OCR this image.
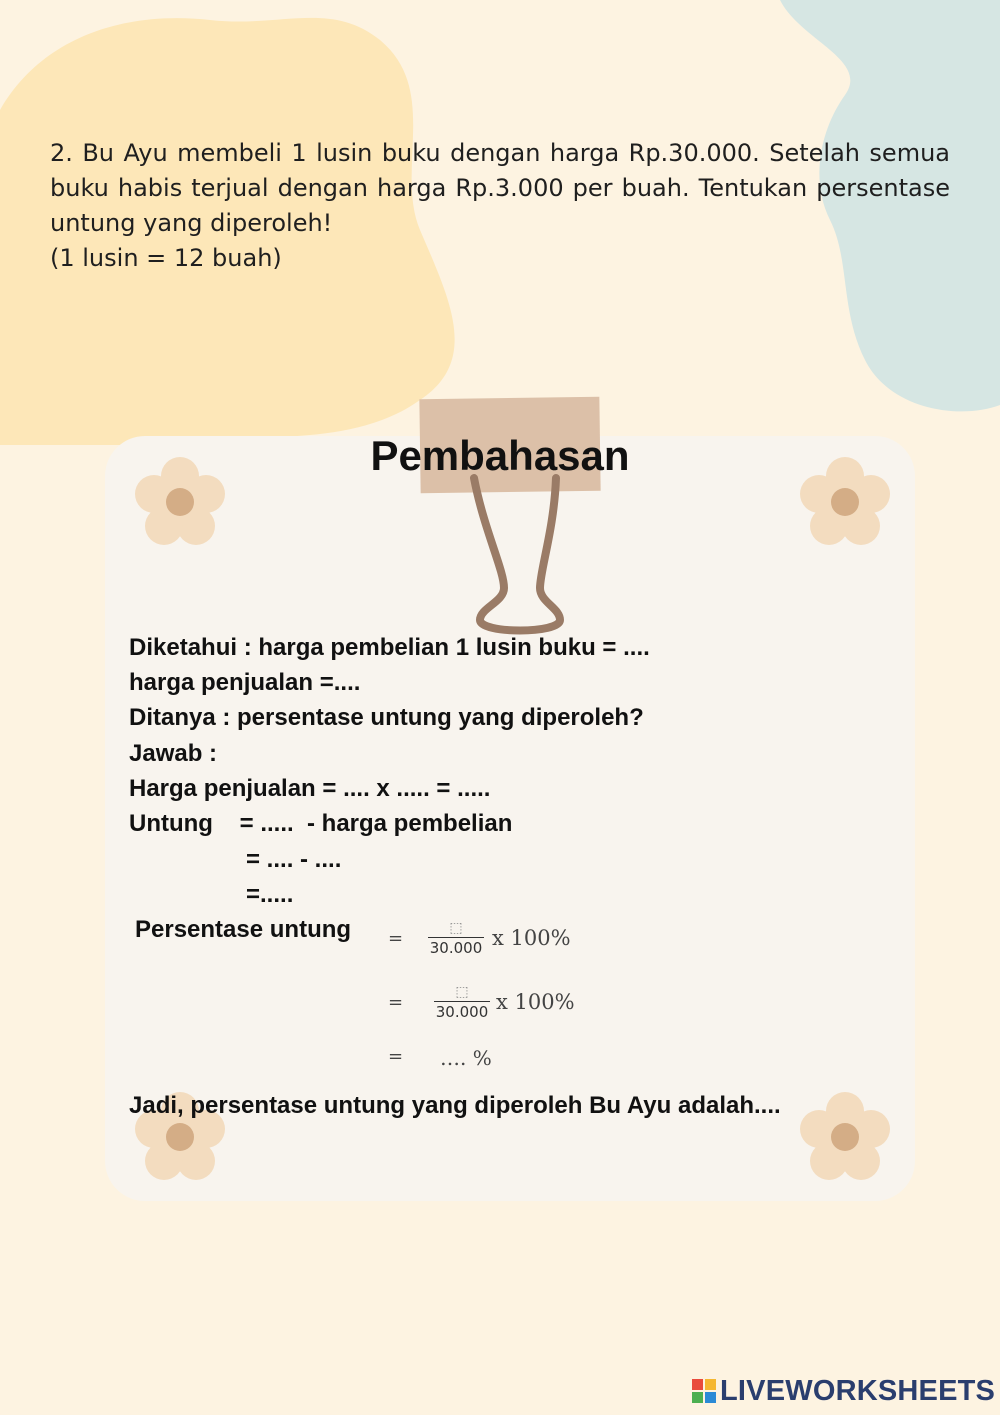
2. Bu Ayu membeli 1 lusin buku dengan harga Rp.30.000. Setelah semua buku habis terjual dengan harga Rp.3.000 per buah. Tentukan persentase untung yang diperoleh!

(1 lusin = 12 buah)

Pembahasan

Diketahui : harga pembelian 1 lusin buku = ....

harga penjualan =....

Ditanya : persentase untung yang diperoleh?

Jawab :

Harga penjualan = .... x ..... = .....

Untung    = .....  - harga pembelian

= .... - ....

=.....

Persentase untung	=	⬚
30.000 x 100%
=	⬚
30.000 x 100%
= …. %

Jadi, persentase untung yang diperoleh Bu Ayu adalah....

LIVEWORKSHEETS
